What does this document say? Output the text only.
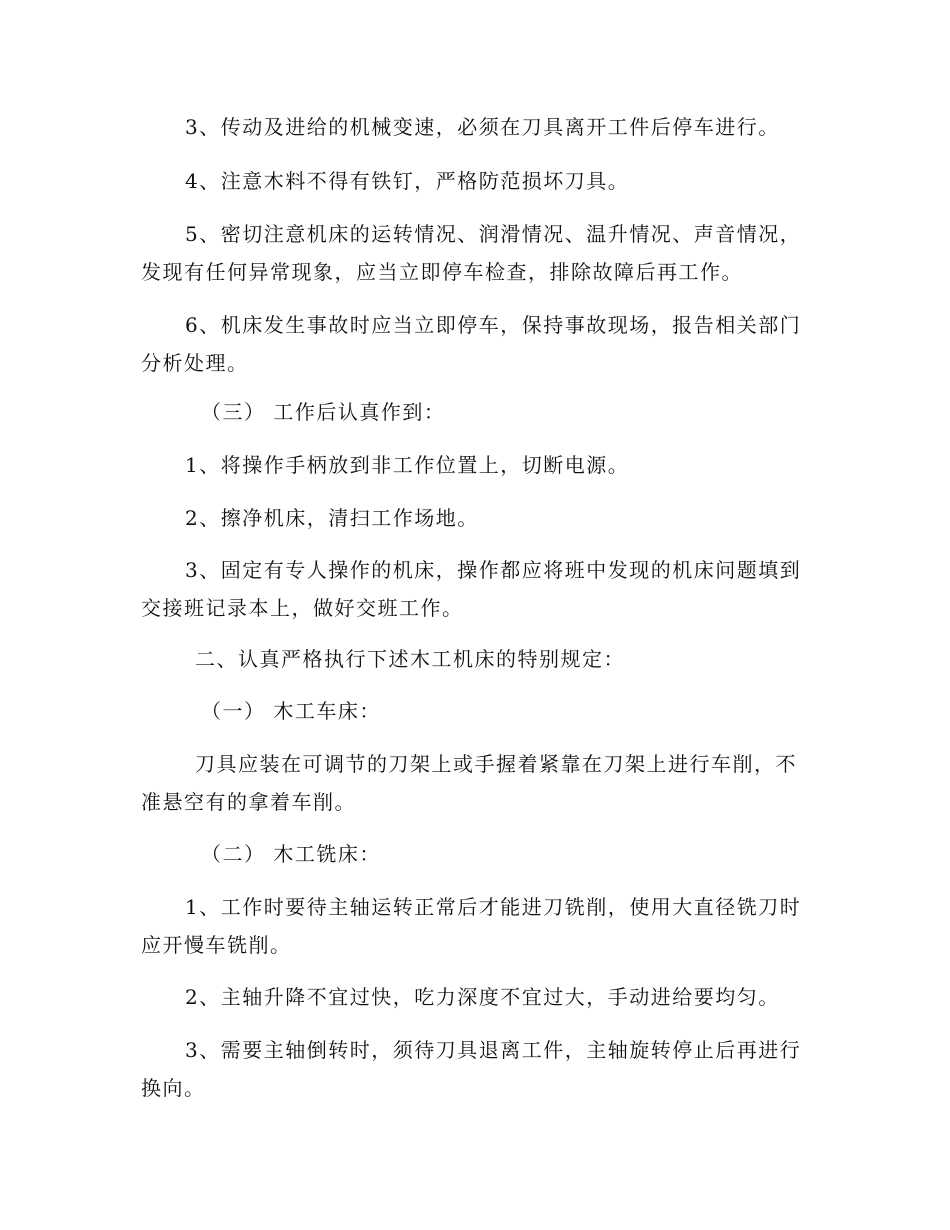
3、传动及进给的机械变速，必须在刀具离开工件后停车进行。
4、注意木料不得有铁钉，严格防范损坏刀具。
5、密切注意机床的运转情况、润滑情况、温升情况、声音情况，
发现有任何异常现象，应当立即停车检查，排除故障后再工作。
6、机床发生事故时应当立即停车，保持事故现场，报告相关部门
分析处理。
（三） 工作后认真作到：
1、将操作手柄放到非工作位置上，切断电源。
2、擦净机床，清扫工作场地。
3、固定有专人操作的机床，操作都应将班中发现的机床问题填到
交接班记录本上，做好交班工作。
二、认真严格执行下述木工机床的特别规定：
（一） 木工车床：
刀具应装在可调节的刀架上或手握着紧靠在刀架上进行车削，不
准悬空有的拿着车削。
（二） 木工铣床：
1、工作时要待主轴运转正常后才能进刀铣削，使用大直径铣刀时
应开慢车铣削。
2、主轴升降不宜过快，吃力深度不宜过大，手动进给要均匀。
3、需要主轴倒转时，须待刀具退离工件，主轴旋转停止后再进行
换向。
